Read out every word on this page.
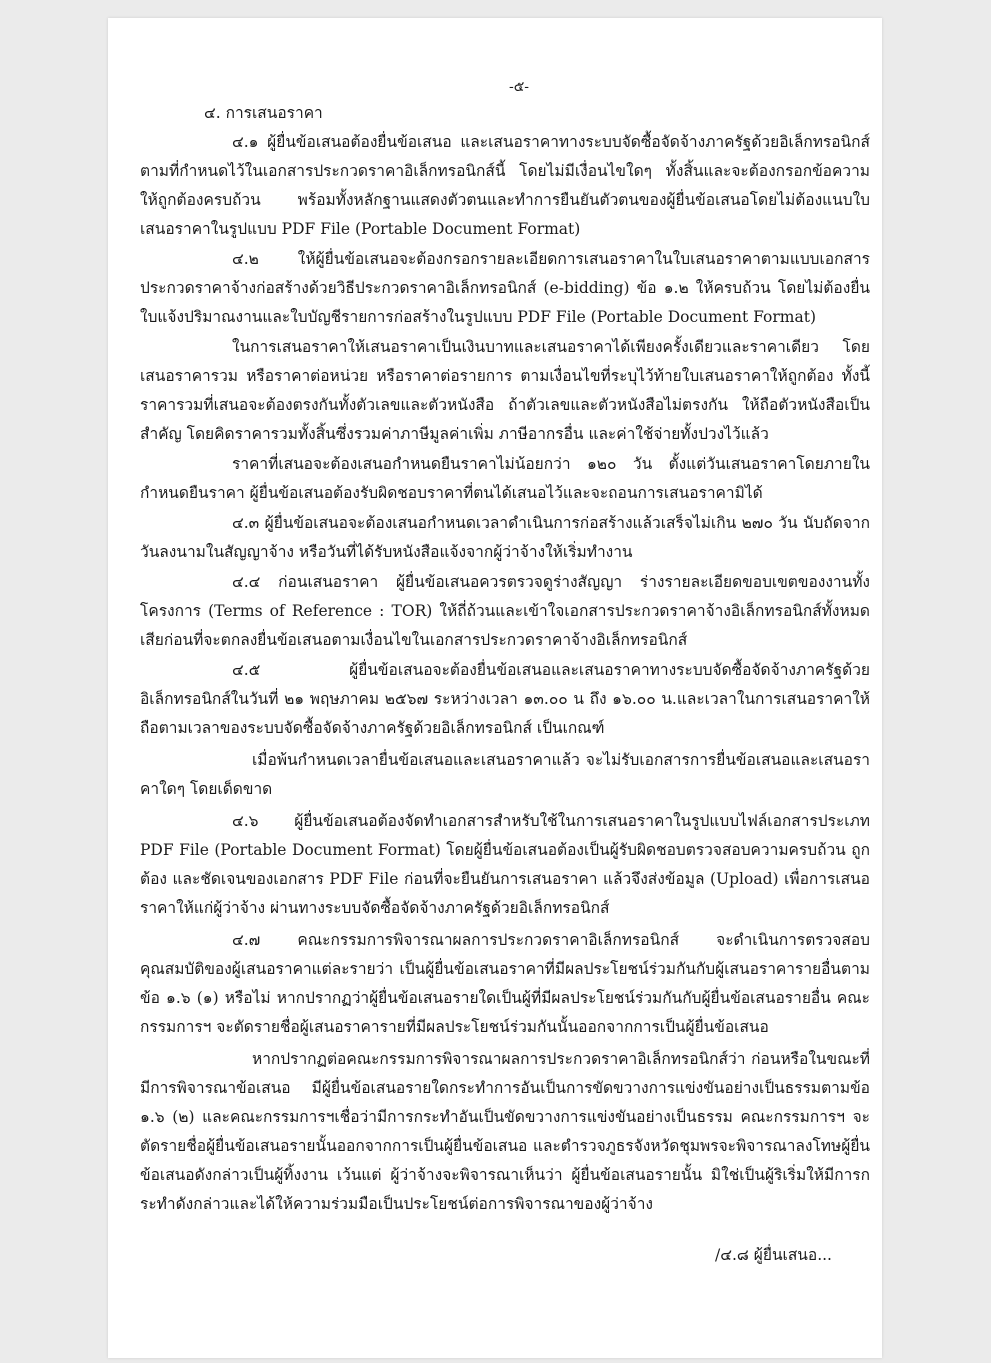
-๕-

๔. การเสนอราคา

๔.๑ ผู้ยื่นข้อเสนอต้องยื่นข้อเสนอ และเสนอราคาทางระบบจัดซื้อจัดจ้างภาครัฐด้วยอิเล็กทรอนิกส์ ตามที่กำหนดไว้ในเอกสารประกวดราคาอิเล็กทรอนิกส์นี้ โดยไม่มีเงื่อนไขใดๆ ทั้งสิ้นและจะต้องกรอกข้อความให้ถูกต้องครบถ้วน พร้อมทั้งหลักฐานแสดงตัวตนและทำการยืนยันตัวตนของผู้ยื่นข้อเสนอโดยไม่ต้องแนบใบเสนอราคาในรูปแบบ PDF File (Portable Document Format)

๔.๒ ให้ผู้ยื่นข้อเสนอจะต้องกรอกรายละเอียดการเสนอราคาในใบเสนอราคาตามแบบเอกสารประกวดราคาจ้างก่อสร้างด้วยวิธีประกวดราคาอิเล็กทรอนิกส์ (e-bidding) ข้อ ๑.๒ ให้ครบถ้วน โดยไม่ต้องยื่นใบแจ้งปริมาณงานและใบบัญชีรายการก่อสร้างในรูปแบบ PDF File (Portable Document Format)

ในการเสนอราคาให้เสนอราคาเป็นเงินบาทและเสนอราคาได้เพียงครั้งเดียวและราคาเดียว โดยเสนอราคารวม หรือราคาต่อหน่วย หรือราคาต่อรายการ ตามเงื่อนไขที่ระบุไว้ท้ายใบเสนอราคาให้ถูกต้อง ทั้งนี้ราคารวมที่เสนอจะต้องตรงกันทั้งตัวเลขและตัวหนังสือ ถ้าตัวเลขและตัวหนังสือไม่ตรงกัน ให้ถือตัวหนังสือเป็นสำคัญ โดยคิดราคารวมทั้งสิ้นซึ่งรวมค่าภาษีมูลค่าเพิ่ม ภาษีอากรอื่น และค่าใช้จ่ายทั้งปวงไว้แล้ว

ราคาที่เสนอจะต้องเสนอกำหนดยืนราคาไม่น้อยกว่า ๑๒๐ วัน ตั้งแต่วันเสนอราคาโดยภายในกำหนดยืนราคา ผู้ยื่นข้อเสนอต้องรับผิดชอบราคาที่ตนได้เสนอไว้และจะถอนการเสนอราคามิได้

๔.๓ ผู้ยื่นข้อเสนอจะต้องเสนอกำหนดเวลาดำเนินการก่อสร้างแล้วเสร็จไม่เกิน ๒๗๐ วัน นับถัดจากวันลงนามในสัญญาจ้าง หรือวันที่ได้รับหนังสือแจ้งจากผู้ว่าจ้างให้เริ่มทำงาน

๔.๔ ก่อนเสนอราคา ผู้ยื่นข้อเสนอควรตรวจดูร่างสัญญา ร่างรายละเอียดขอบเขตของงานทั้งโครงการ (Terms of Reference : TOR) ให้ถี่ถ้วนและเข้าใจเอกสารประกวดราคาจ้างอิเล็กทรอนิกส์ทั้งหมดเสียก่อนที่จะตกลงยื่นข้อเสนอตามเงื่อนไขในเอกสารประกวดราคาจ้างอิเล็กทรอนิกส์

๔.๕ ผู้ยื่นข้อเสนอจะต้องยื่นข้อเสนอและเสนอราคาทางระบบจัดซื้อจัดจ้างภาครัฐด้วยอิเล็กทรอนิกส์ในวันที่ ๒๑ พฤษภาคม ๒๕๖๗ ระหว่างเวลา ๑๓.๐๐ น ถึง ๑๖.๐๐ น.และเวลาในการเสนอราคาให้ถือตามเวลาของระบบจัดซื้อจัดจ้างภาครัฐด้วยอิเล็กทรอนิกส์ เป็นเกณฑ์

เมื่อพ้นกำหนดเวลายื่นข้อเสนอและเสนอราคาแล้ว จะไม่รับเอกสารการยื่นข้อเสนอและเสนอราคาใดๆ โดยเด็ดขาด

๔.๖ ผู้ยื่นข้อเสนอต้องจัดทำเอกสารสำหรับใช้ในการเสนอราคาในรูปแบบไฟล์เอกสารประเภท PDF File (Portable Document Format) โดยผู้ยื่นข้อเสนอต้องเป็นผู้รับผิดชอบตรวจสอบความครบถ้วน ถูกต้อง และชัดเจนของเอกสาร PDF File ก่อนที่จะยืนยันการเสนอราคา แล้วจึงส่งข้อมูล (Upload) เพื่อการเสนอราคาให้แก่ผู้ว่าจ้าง ผ่านทางระบบจัดซื้อจัดจ้างภาครัฐด้วยอิเล็กทรอนิกส์

๔.๗ คณะกรรมการพิจารณาผลการประกวดราคาอิเล็กทรอนิกส์ จะดำเนินการตรวจสอบคุณสมบัติของผู้เสนอราคาแต่ละรายว่า เป็นผู้ยื่นข้อเสนอราคาที่มีผลประโยชน์ร่วมกันกับผู้เสนอราคารายอื่นตามข้อ ๑.๖ (๑) หรือไม่ หากปรากฏว่าผู้ยื่นข้อเสนอรายใดเป็นผู้ที่มีผลประโยชน์ร่วมกันกับผู้ยื่นข้อเสนอรายอื่น คณะกรรมการฯ จะตัดรายชื่อผู้เสนอราคารายที่มีผลประโยชน์ร่วมกันนั้นออกจากการเป็นผู้ยื่นข้อเสนอ

หากปรากฏต่อคณะกรรมการพิจารณาผลการประกวดราคาอิเล็กทรอนิกส์ว่า ก่อนหรือในขณะที่มีการพิจารณาข้อเสนอ มีผู้ยื่นข้อเสนอรายใดกระทำการอันเป็นการขัดขวางการแข่งขันอย่างเป็นธรรมตามข้อ ๑.๖ (๒) และคณะกรรมการฯเชื่อว่ามีการกระทำอันเป็นขัดขวางการแข่งขันอย่างเป็นธรรม คณะกรรมการฯ จะตัดรายชื่อผู้ยื่นข้อเสนอรายนั้นออกจากการเป็นผู้ยื่นข้อเสนอ และตำรวจภูธรจังหวัดชุมพรจะพิจารณาลงโทษผู้ยื่นข้อเสนอดังกล่าวเป็นผู้ทิ้งงาน เว้นแต่ ผู้ว่าจ้างจะพิจารณาเห็นว่า ผู้ยื่นข้อเสนอรายนั้น มิใช่เป็นผู้ริเริ่มให้มีการกระทำดังกล่าวและได้ให้ความร่วมมือเป็นประโยชน์ต่อการพิจารณาของผู้ว่าจ้าง

/๔.๘ ผู้ยื่นเสนอ...
